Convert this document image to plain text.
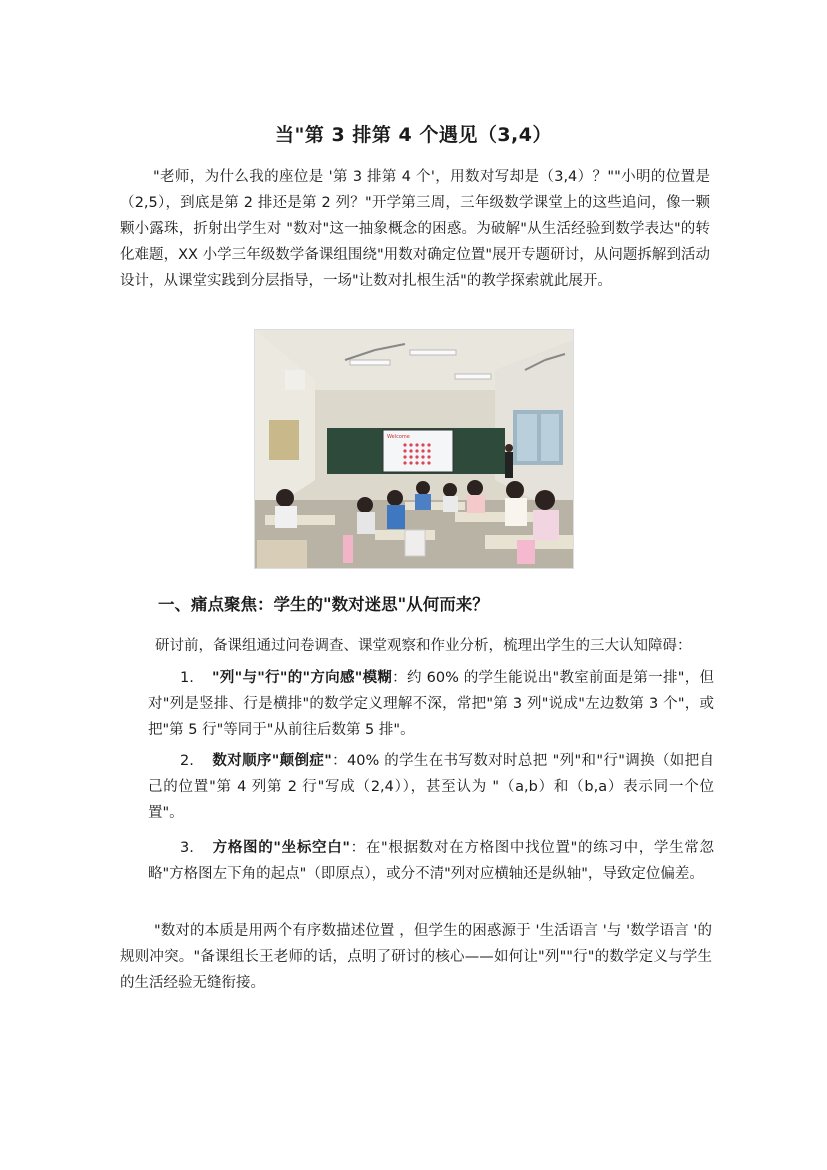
当"第 3 排第 4 个遇见（3,4）
"老师，为什么我的座位是 '第 3 排第 4 个'，用数对写却是（3,4）？""小明的位置是（2,5），到底是第 2 排还是第 2 列？"开学第三周，三年级数学课堂上的这些追问，像一颗颗小露珠，折射出学生对 "数对"这一抽象概念的困惑。为破解"从生活经验到数学表达"的转化难题，XX 小学三年级数学备课组围绕"用数对确定位置"展开专题研讨，从问题拆解到活动设计，从课堂实践到分层指导，一场"让数对扎根生活"的教学探索就此展开。
Welcome
一、痛点聚焦：学生的"数对迷思"从何而来？
研讨前，备课组通过问卷调查、课堂观察和作业分析，梳理出学生的三大认知障碍：
1. "列"与"行"的"方向感"模糊：约 60% 的学生能说出"教室前面是第一排"，但对"列是竖排、行是横排"的数学定义理解不深，常把"第 3 列"说成"左边数第 3 个"，或把"第 5 行"等同于"从前往后数第 5 排"。
2. 数对顺序"颠倒症"：40% 的学生在书写数对时总把 "列"和"行"调换（如把自己的位置"第 4 列第 2 行"写成（2,4）），甚至认为 "（a,b）和（b,a）表示同一个位置"。
3. 方格图的"坐标空白"：在"根据数对在方格图中找位置"的练习中，学生常忽略"方格图左下角的起点"（即原点），或分不清"列对应横轴还是纵轴"，导致定位偏差。
"数对的本质是用两个有序数描述位置 ，但学生的困惑源于 '生活语言 '与 '数学语言 '的规则冲突。"备课组长王老师的话，点明了研讨的核心——如何让"列""行"的数学定义与学生的生活经验无缝衔接。
